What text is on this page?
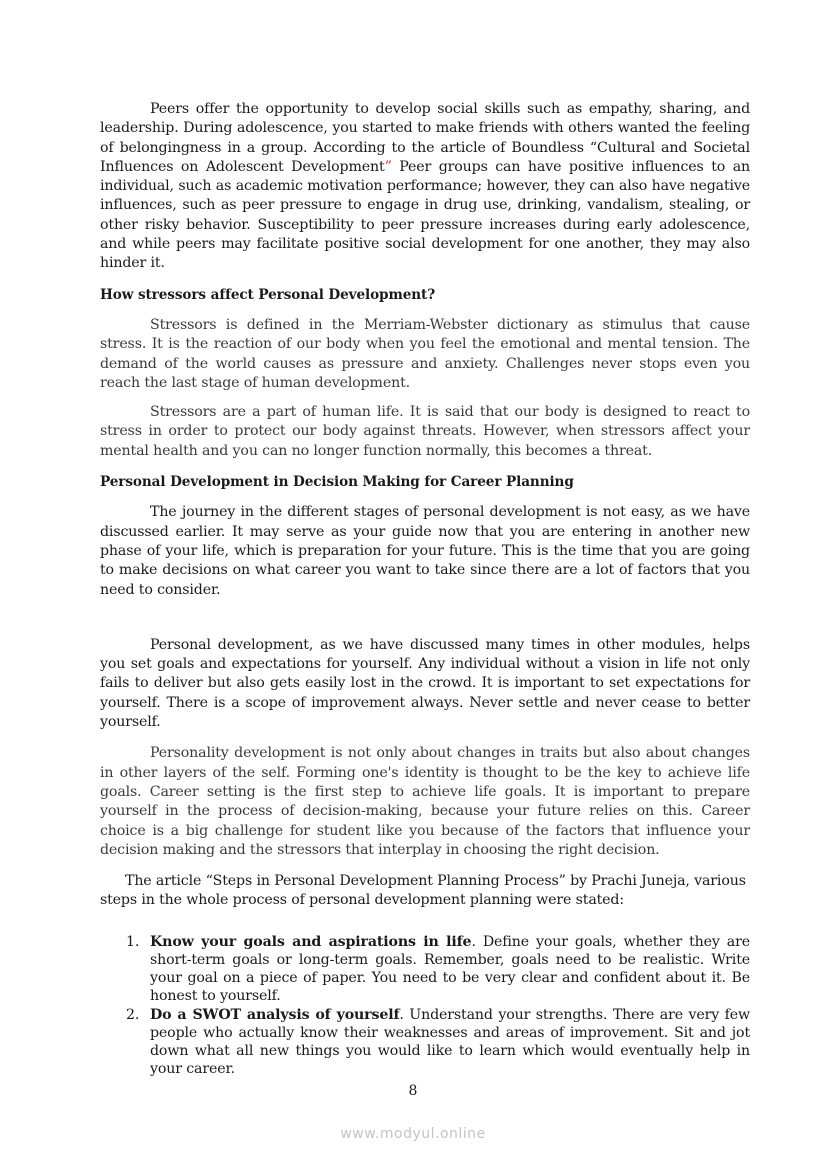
Peers offer the opportunity to develop social skills such as empathy, sharing, and leadership. During adolescence, you started to make friends with others wanted the feeling of belongingness in a group. According to the article of Boundless “Cultural and Societal Influences on Adolescent Development” Peer groups can have positive influences to an individual, such as academic motivation performance; however, they can also have negative influences, such as peer pressure to engage in drug use, drinking, vandalism, stealing, or other risky behavior. Susceptibility to peer pressure increases during early adolescence, and while peers may facilitate positive social development for one another, they may also hinder it.

How stressors affect Personal Development?

Stressors is defined in the Merriam-Webster dictionary as stimulus that cause stress. It is the reaction of our body when you feel the emotional and mental tension. The demand of the world causes as pressure and anxiety. Challenges never stops even you reach the last stage of human development.

Stressors are a part of human life. It is said that our body is designed to react to stress in order to protect our body against threats. However, when stressors affect your mental health and you can no longer function normally, this becomes a threat.

Personal Development in Decision Making for Career Planning

The journey in the different stages of personal development is not easy, as we have discussed earlier. It may serve as your guide now that you are entering in another new phase of your life, which is preparation for your future. This is the time that you are going to make decisions on what career you want to take since there are a lot of factors that you need to consider.

Personal development, as we have discussed many times in other modules, helps you set goals and expectations for yourself. Any individual without a vision in life not only fails to deliver but also gets easily lost in the crowd. It is important to set expectations for yourself. There is a scope of improvement always. Never settle and never cease to better yourself.

Personality development is not only about changes in traits but also about changes in other layers of the self. Forming one's identity is thought to be the key to achieve life goals. Career setting is the first step to achieve life goals. It is important to prepare yourself in the process of decision-making, because your future relies on this. Career choice is a big challenge for student like you because of the factors that influence your decision making and the stressors that interplay in choosing the right decision.

The article “Steps in Personal Development Planning Process” by Prachi Juneja, various steps in the whole process of personal development planning were stated:

1. Know your goals and aspirations in life. Define your goals, whether they are short-term goals or long-term goals. Remember, goals need to be realistic. Write your goal on a piece of paper. You need to be very clear and confident about it. Be honest to yourself.
2. Do a SWOT analysis of yourself. Understand your strengths. There are very few people who actually know their weaknesses and areas of improvement. Sit and jot down what all new things you would like to learn which would eventually help in your career.
8
www.modyul.online
